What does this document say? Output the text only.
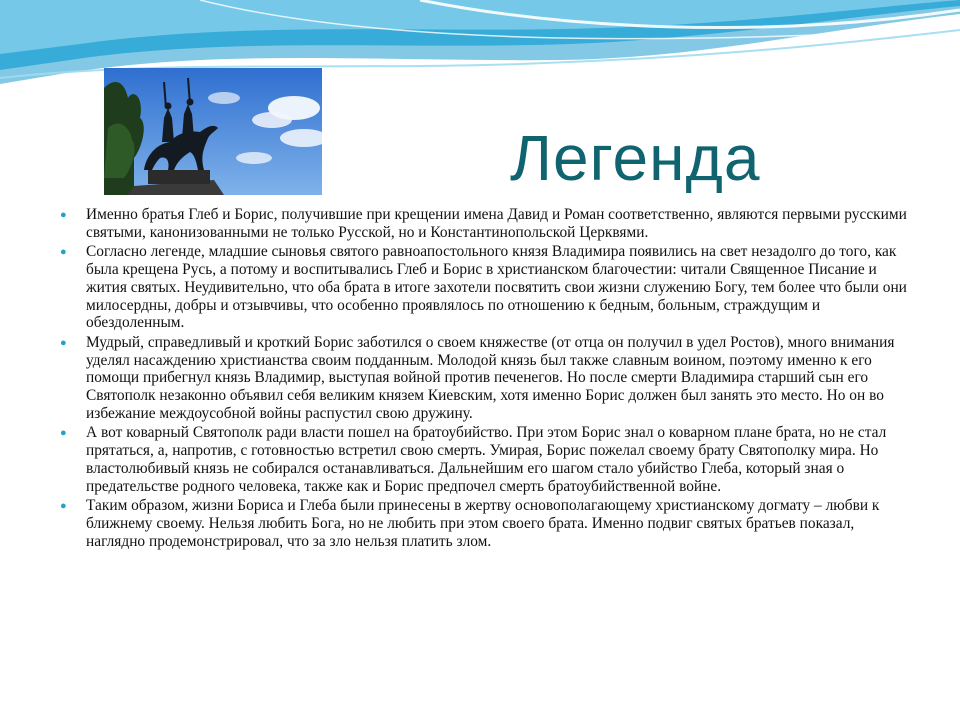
Легенда
● Именно братья Глеб и Борис, получившие при крещении имена Давид и Роман соответственно, являются первыми русскими святыми, канонизованными не только Русской, но и Константинопольской Церквями.
● Согласно легенде, младшие сыновья святого равноапостольного князя Владимира появились на свет незадолго до того, как была крещена Русь, а потому и воспитывались Глеб и Борис в христианском благочестии: читали Священное Писание и жития святых. Неудивительно, что оба брата в итоге захотели посвятить свои жизни служению Богу, тем более что были они милосердны, добры и отзывчивы, что особенно проявлялось по отношению к бедным, больным, страждущим и обездоленным.
● Мудрый, справедливый и кроткий Борис заботился о своем княжестве (от отца он получил в удел Ростов), много внимания уделял насаждению христианства своим подданным. Молодой князь был также славным воином, поэтому именно к его помощи прибегнул князь Владимир, выступая войной против печенегов. Но после смерти Владимира старший сын его Святополк незаконно объявил себя великим князем Киевским, хотя именно Борис должен был занять это место. Но он во избежание междоусобной войны распустил свою дружину.
● А вот коварный Святополк ради власти пошел на братоубийство. При этом Борис знал о коварном плане брата, но не стал прятаться, а, напротив, с готовностью встретил свою смерть. Умирая, Борис пожелал своему брату Святополку мира. Но властолюбивый князь не собирался останавливаться. Дальнейшим его шагом стало убийство Глеба, который зная о предательстве родного человека, также как и Борис предпочел смерть братоубийственной войне.
● Таким образом, жизни Бориса и Глеба были принесены в жертву основополагающему христианскому догмату – любви к ближнему своему. Нельзя любить Бога, но не любить при этом своего брата. Именно подвиг святых братьев показал, наглядно продемонстрировал, что за зло нельзя платить злом.
